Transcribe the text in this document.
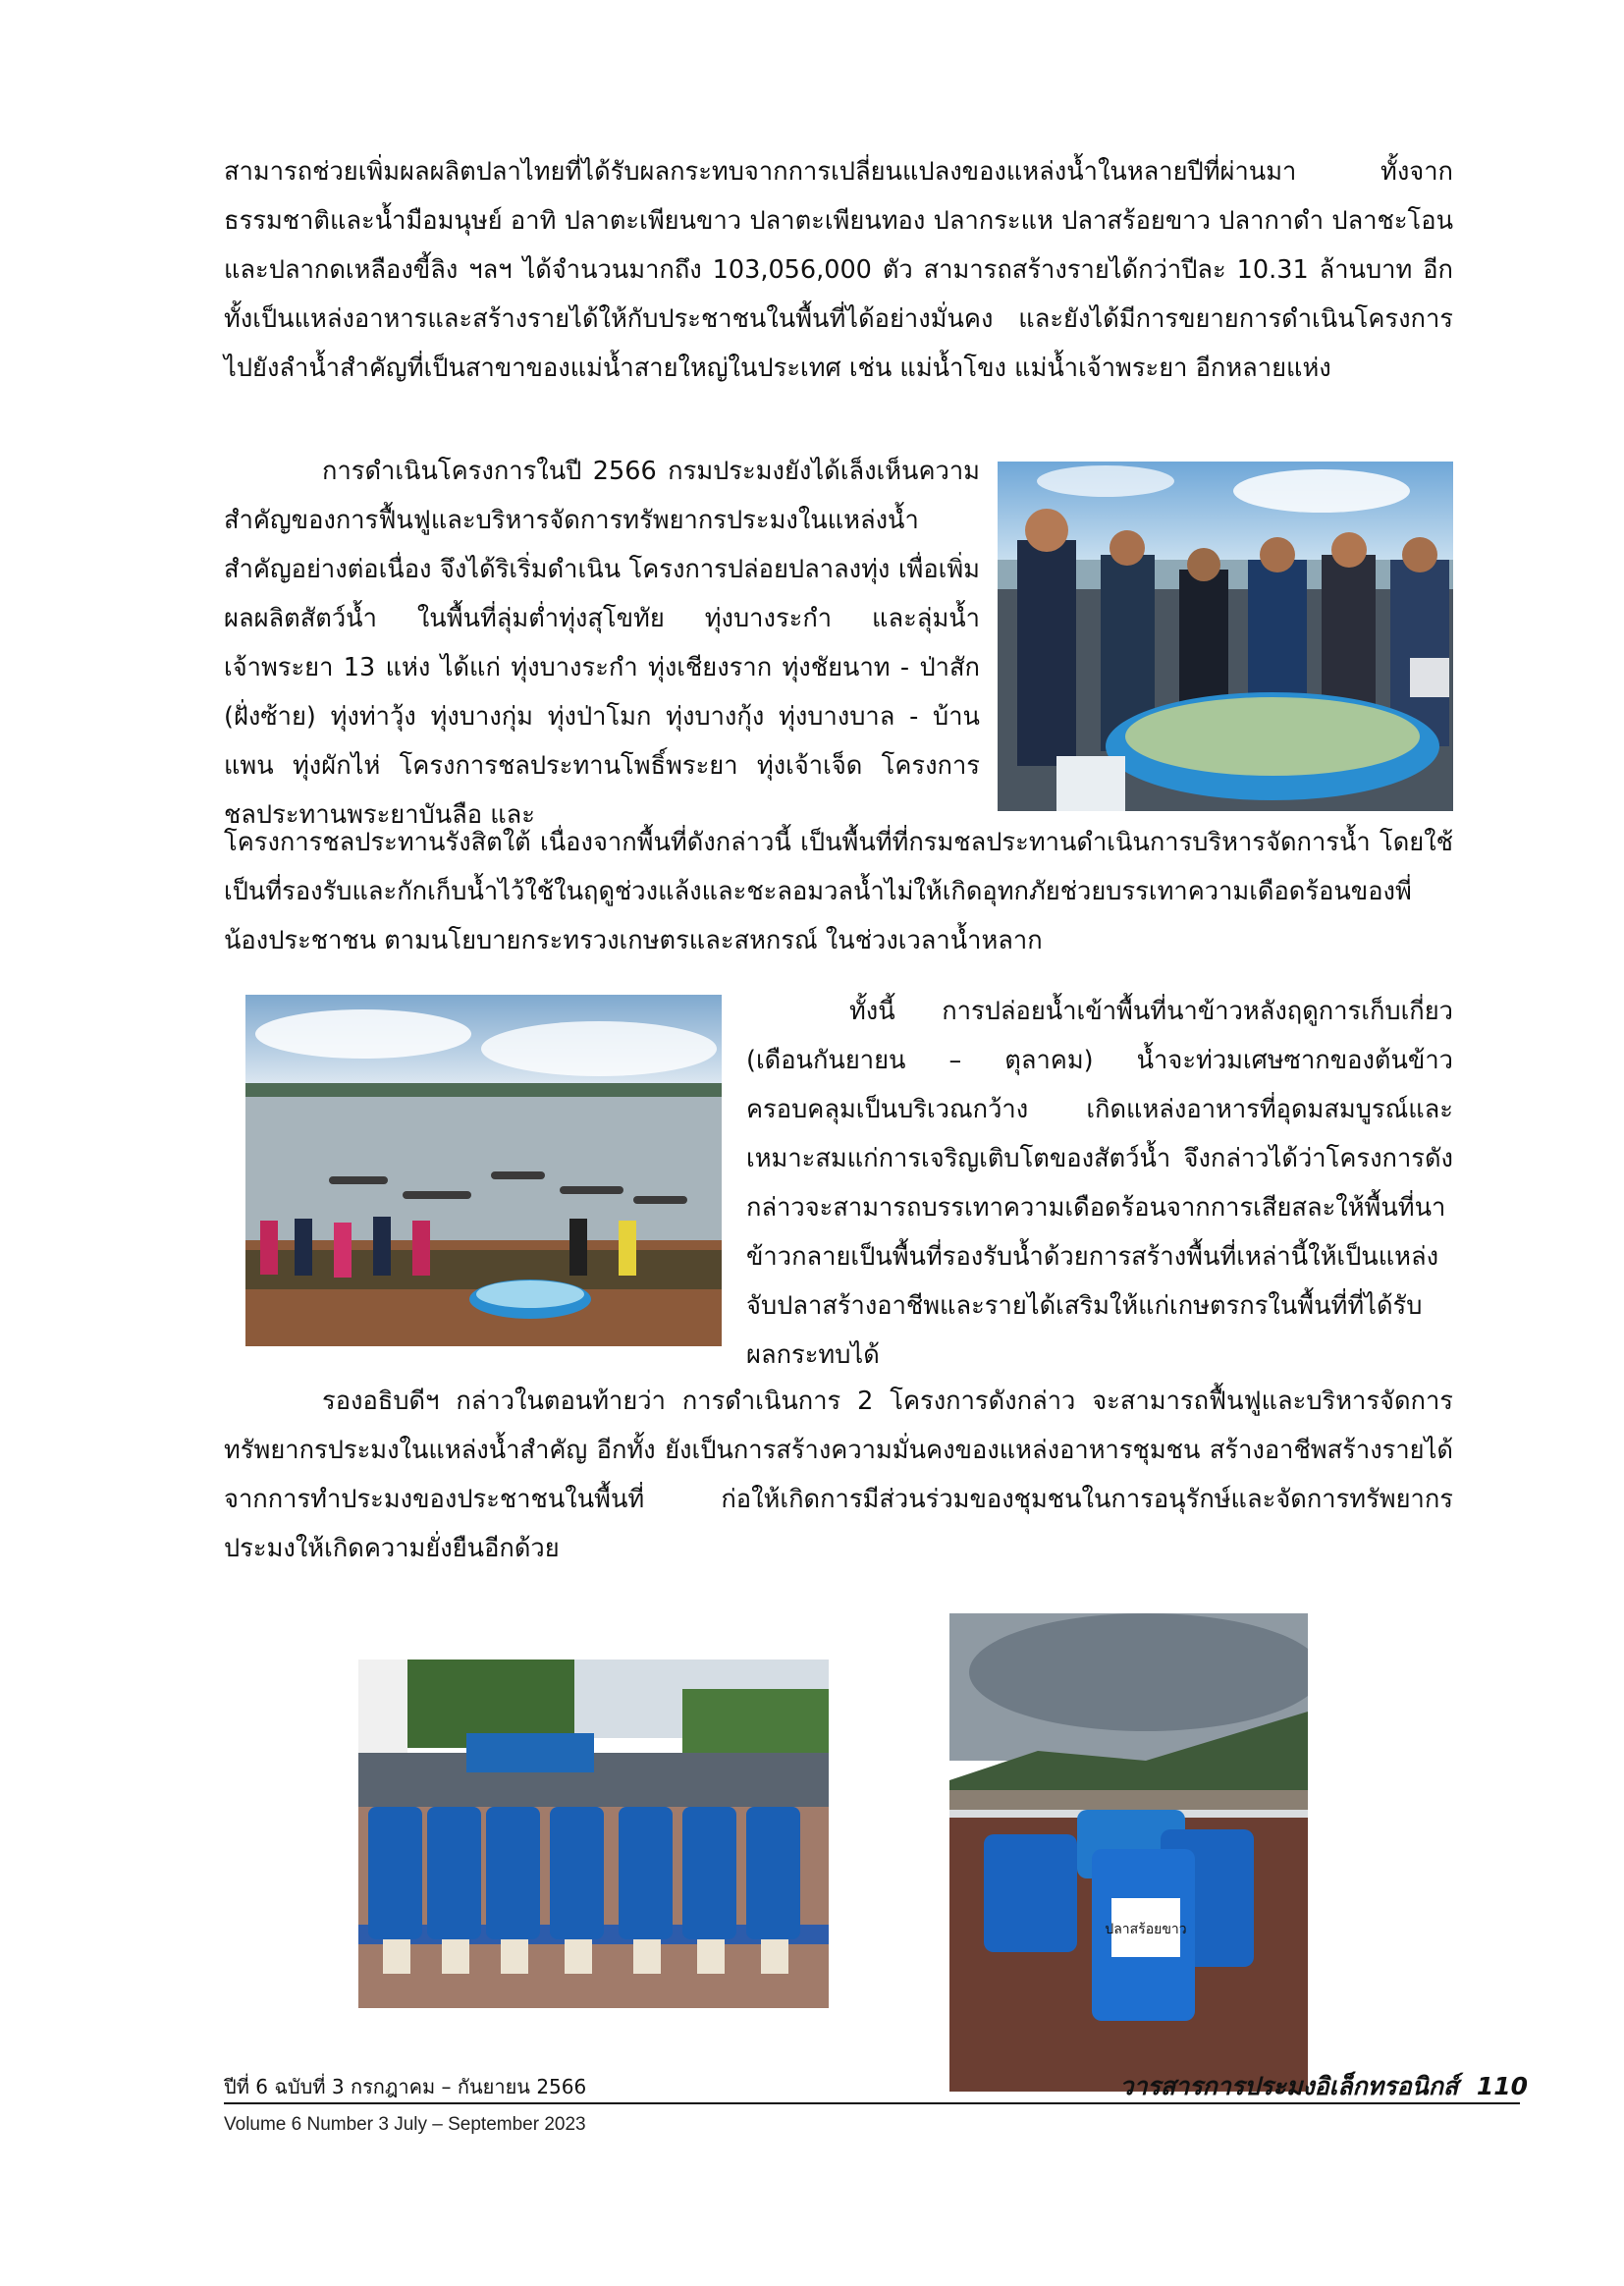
สามารถช่วยเพิ่มผลผลิตปลาไทยที่ได้รับผลกระทบจากการเปลี่ยนแปลงของแหล่งน้ำในหลายปีที่ผ่านมา ทั้งจากธรรมชาติและน้ำมือมนุษย์ อาทิ ปลาตะเพียนขาว ปลาตะเพียนทอง ปลากระแห ปลาสร้อยขาว ปลากาดำ ปลาชะโอน และปลากดเหลืองขี้ลิง ฯลฯ ได้จำนวนมากถึง 103,056,000 ตัว สามารถสร้างรายได้กว่าปีละ 10.31 ล้านบาท อีกทั้งเป็นแหล่งอาหารและสร้างรายได้ให้กับประชาชนในพื้นที่ได้อย่างมั่นคง และยังได้มีการขยายการดำเนินโครงการไปยังลำน้ำสำคัญที่เป็นสาขาของแม่น้ำสายใหญ่ในประเทศ เช่น แม่น้ำโขง แม่น้ำเจ้าพระยา อีกหลายแห่ง

การดำเนินโครงการในปี 2566 กรมประมงยังได้เล็งเห็นความสำคัญของการฟื้นฟูและบริหารจัดการทรัพยากรประมงในแหล่งน้ำสำคัญอย่างต่อเนื่อง จึงได้ริเริ่มดำเนิน โครงการปล่อยปลาลงทุ่ง เพื่อเพิ่มผลผลิตสัตว์น้ำ ในพื้นที่ลุ่มต่ำทุ่งสุโขทัย ทุ่งบางระกำ และลุ่มน้ำเจ้าพระยา 13 แห่ง ได้แก่ ทุ่งบางระกำ ทุ่งเชียงราก ทุ่งชัยนาท - ป่าสัก (ฝั่งซ้าย) ทุ่งท่าวุ้ง ทุ่งบางกุ่ม ทุ่งป่าโมก ทุ่งบางกุ้ง ทุ่งบางบาล - บ้านแพน ทุ่งผักไห่ โครงการชลประทานโพธิ์พระยา ทุ่งเจ้าเจ็ด โครงการชลประทานพระยาบันลือ และ

โครงการชลประทานรังสิตใต้ เนื่องจากพื้นที่ดังกล่าวนี้ เป็นพื้นที่ที่กรมชลประทานดำเนินการบริหารจัดการน้ำ โดยใช้เป็นที่รองรับและกักเก็บน้ำไว้ใช้ในฤดูช่วงแล้งและชะลอมวลน้ำไม่ให้เกิดอุทกภัยช่วยบรรเทาความเดือดร้อนของพี่น้องประชาชน ตามนโยบายกระทรวงเกษตรและสหกรณ์ ในช่วงเวลาน้ำหลาก

ทั้งนี้ การปล่อยน้ำเข้าพื้นที่นาข้าวหลังฤดูการเก็บเกี่ยว (เดือนกันยายน – ตุลาคม) น้ำจะท่วมเศษซากของต้นข้าวครอบคลุมเป็นบริเวณกว้าง เกิดแหล่งอาหารที่อุดมสมบูรณ์และเหมาะสมแก่การเจริญเติบโตของสัตว์น้ำ จึงกล่าวได้ว่าโครงการดังกล่าวจะสามารถบรรเทาความเดือดร้อนจากการเสียสละให้พื้นที่นาข้าวกลายเป็นพื้นที่รองรับน้ำด้วยการสร้างพื้นที่เหล่านี้ให้เป็นแหล่งจับปลาสร้างอาชีพและรายได้เสริมให้แก่เกษตรกรในพื้นที่ที่ได้รับผลกระทบได้

รองอธิบดีฯ กล่าวในตอนท้ายว่า การดำเนินการ 2 โครงการดังกล่าว จะสามารถฟื้นฟูและบริหารจัดการทรัพยากรประมงในแหล่งน้ำสำคัญ อีกทั้ง ยังเป็นการสร้างความมั่นคงของแหล่งอาหารชุมชน สร้างอาชีพสร้างรายได้จากการทำประมงของประชาชนในพื้นที่ ก่อให้เกิดการมีส่วนร่วมของชุมชนในการอนุรักษ์และจัดการทรัพยากรประมงให้เกิดความยั่งยืนอีกด้วย

ปลาสร้อยขาว
ปีที่ 6 ฉบับที่ 3 กรกฎาคม – กันยายน 2566
Volume 6 Number 3 July – September 2023
วารสารการประมงอิเล็กทรอนิกส์ 110
